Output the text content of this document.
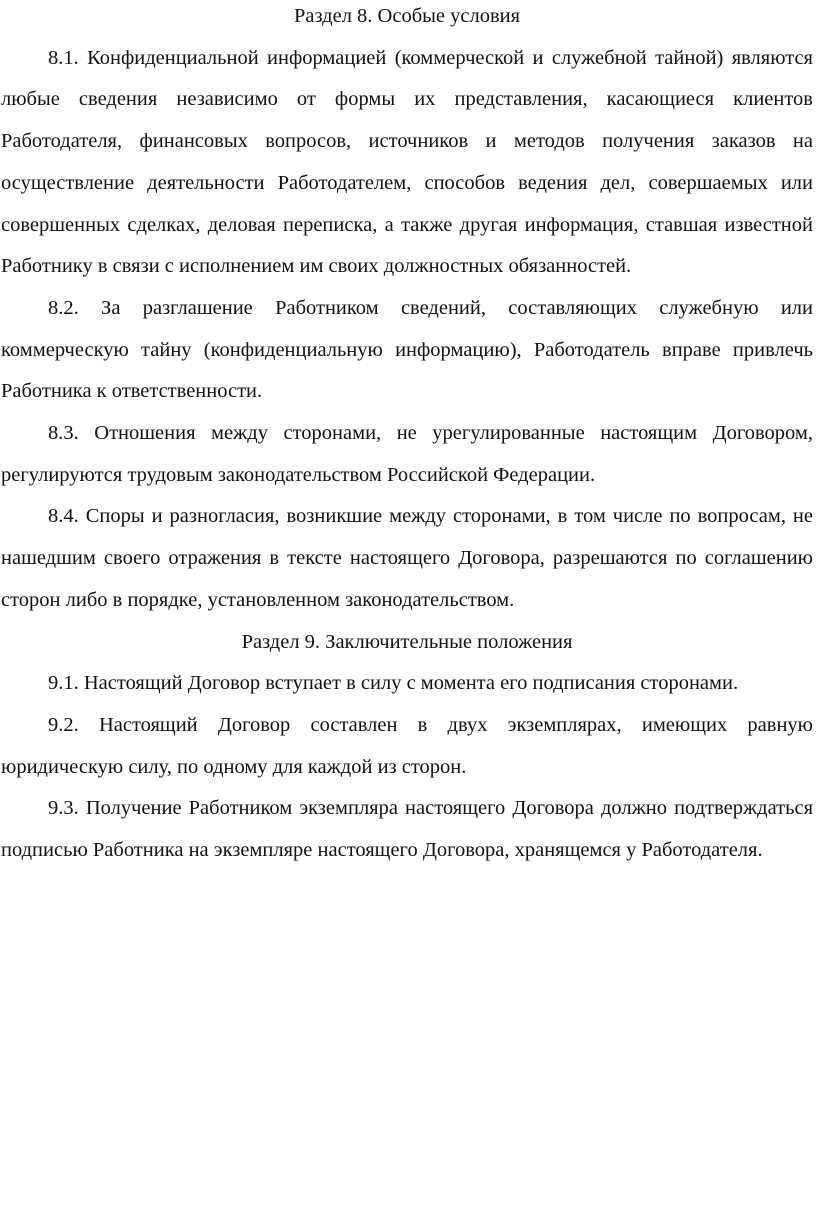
Раздел 8. Особые условия

8.1. Конфиденциальной информацией (коммерческой и служебной тайной) являются любые сведения независимо от формы их представления, касающиеся клиентов Работодателя, финансовых вопросов, источников и методов получения заказов на осуществление деятельности Работодателем, способов ведения дел, совершаемых или совершенных сделках, деловая переписка, а также другая информация, ставшая известной Работнику в связи с исполнением им своих должностных обязанностей.

8.2. За разглашение Работником сведений, составляющих служебную или коммерческую тайну (конфиденциальную информацию), Работодатель вправе привлечь Работника к ответственности.

8.3. Отношения между сторонами, не урегулированные настоящим Договором, регулируются трудовым законодательством Российской Федерации.

8.4. Споры и разногласия, возникшие между сторонами, в том числе по вопросам, не нашедшим своего отражения в тексте настоящего Договора, разрешаются по соглашению сторон либо в порядке, установленном законодательством.

Раздел 9. Заключительные положения

9.1. Настоящий Договор вступает в силу с момента его подписания сторонами.

9.2. Настоящий Договор составлен в двух экземплярах, имеющих равную юридическую силу, по одному для каждой из сторон.

9.3. Получение Работником экземпляра настоящего Договора должно подтверждаться подписью Работника на экземпляре настоящего Договора, хранящемся у Работодателя.
